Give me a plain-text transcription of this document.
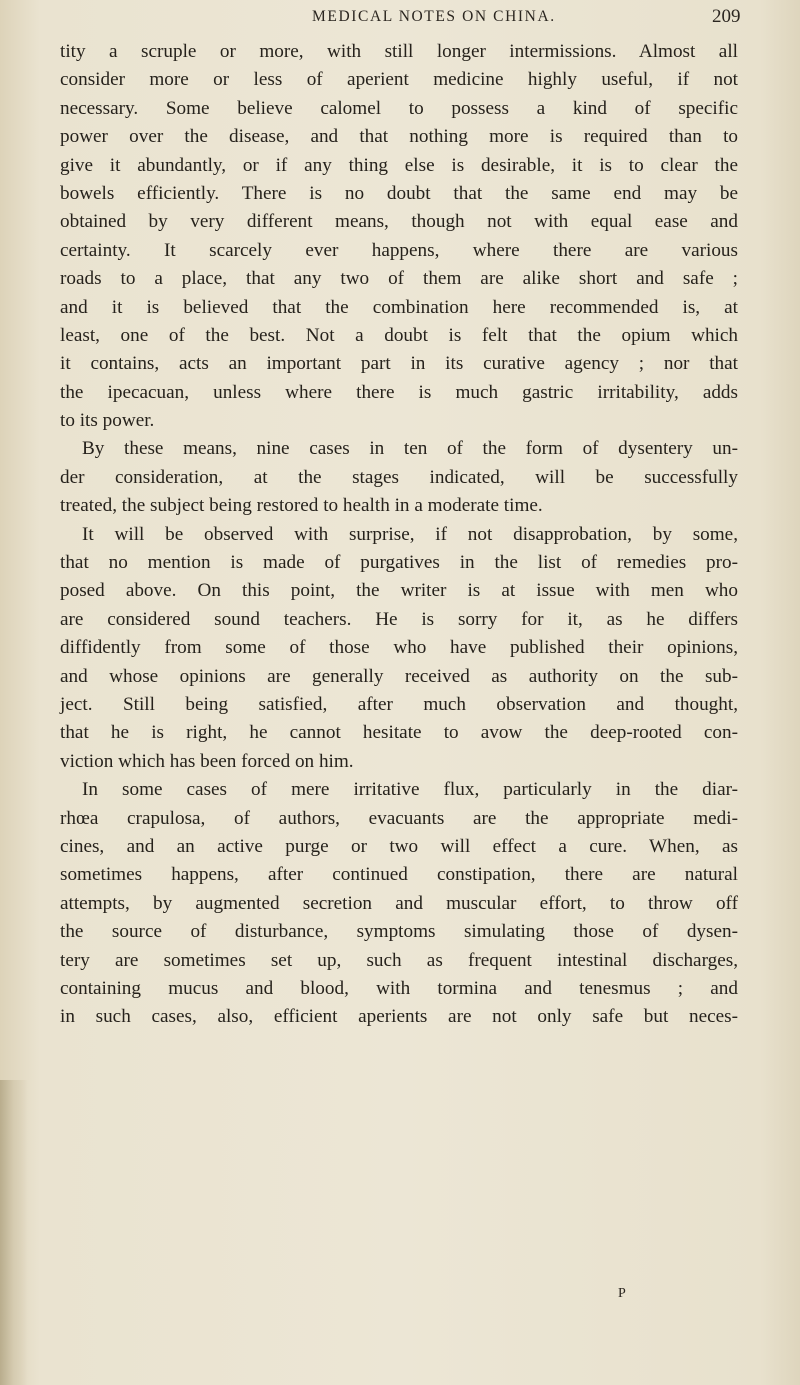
MEDICAL NOTES ON CHINA.	209
tity a scruple or more, with still longer intermissions. Almost all
consider more or less of aperient medicine highly useful, if not
necessary. Some believe calomel to possess a kind of specific
power over the disease, and that nothing more is required than to
give it abundantly, or if any thing else is desirable, it is to clear the
bowels efficiently. There is no doubt that the same end may be
obtained by very different means, though not with equal ease and
certainty. It scarcely ever happens, where there are various
roads to a place, that any two of them are alike short and safe ;
and it is believed that the combination here recommended is, at
least, one of the best. Not a doubt is felt that the opium which
it contains, acts an important part in its curative agency ; nor that
the ipecacuan, unless where there is much gastric irritability, adds
to its power.
By these means, nine cases in ten of the form of dysentery un-
der consideration, at the stages indicated, will be successfully
treated, the subject being restored to health in a moderate time.
It will be observed with surprise, if not disapprobation, by some,
that no mention is made of purgatives in the list of remedies pro-
posed above. On this point, the writer is at issue with men who
are considered sound teachers. He is sorry for it, as he differs
diffidently from some of those who have published their opinions,
and whose opinions are generally received as authority on the sub-
ject. Still being satisfied, after much observation and thought,
that he is right, he cannot hesitate to avow the deep-rooted con-
viction which has been forced on him.
In some cases of mere irritative flux, particularly in the diar-
rhœa crapulosa, of authors, evacuants are the appropriate medi-
cines, and an active purge or two will effect a cure. When, as
sometimes happens, after continued constipation, there are natural
attempts, by augmented secretion and muscular effort, to throw off
the source of disturbance, symptoms simulating those of dysen-
tery are sometimes set up, such as frequent intestinal discharges,
containing mucus and blood, with tormina and tenesmus ; and
in such cases, also, efficient aperients are not only safe but neces-
P
